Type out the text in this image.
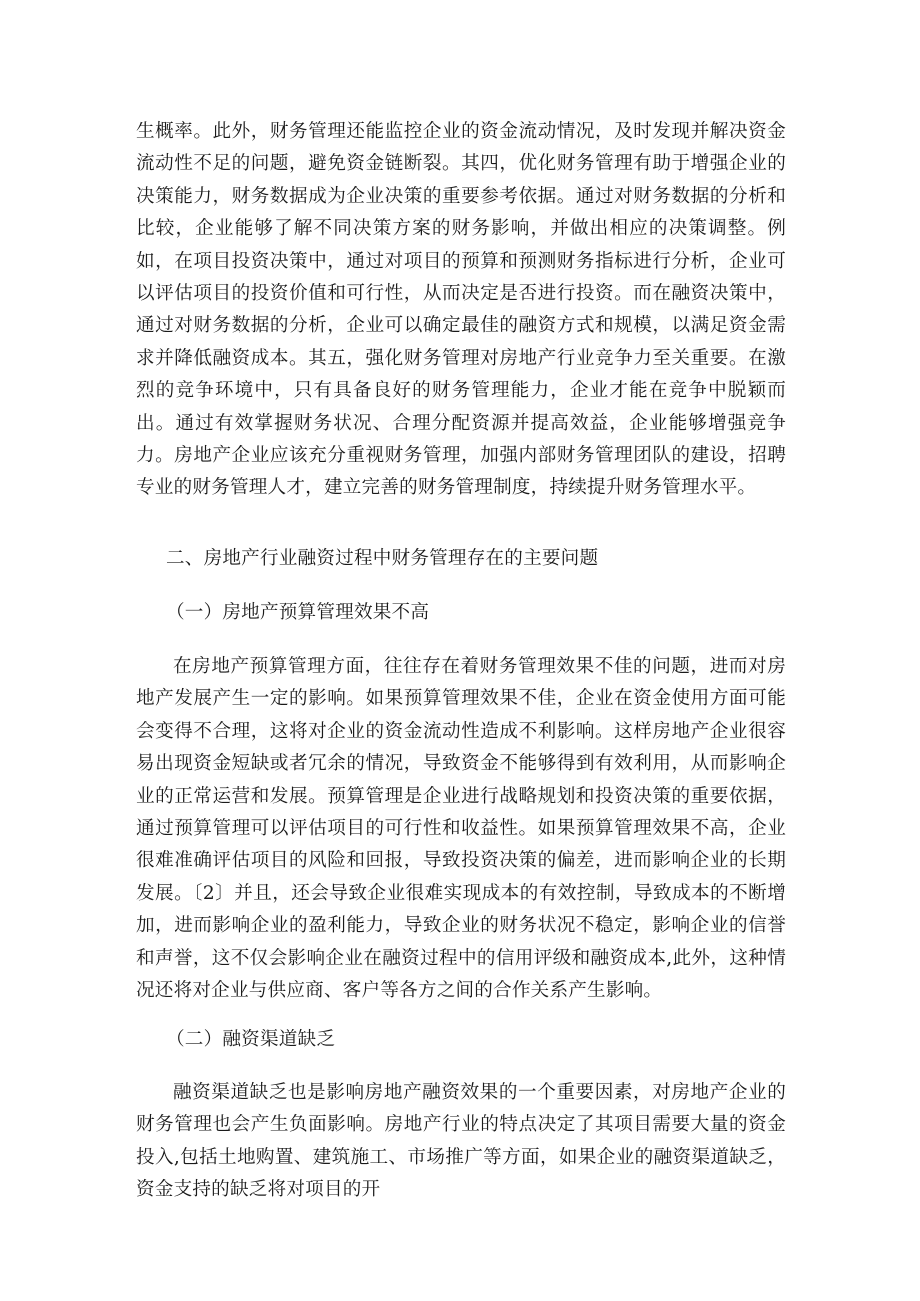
生概率。此外，财务管理还能监控企业的资金流动情况，及时发现并解决资金流动性不足的问题，避免资金链断裂。其四，优化财务管理有助于增强企业的决策能力，财务数据成为企业决策的重要参考依据。通过对财务数据的分析和比较，企业能够了解不同决策方案的财务影响，并做出相应的决策调整。例如，在项目投资决策中，通过对项目的预算和预测财务指标进行分析，企业可以评估项目的投资价值和可行性，从而决定是否进行投资。而在融资决策中，通过对财务数据的分析，企业可以确定最佳的融资方式和规模，以满足资金需求并降低融资成本。其五，强化财务管理对房地产行业竞争力至关重要。在激烈的竞争环境中，只有具备良好的财务管理能力，企业才能在竞争中脱颖而出。通过有效掌握财务状况、合理分配资源并提高效益，企业能够增强竞争力。房地产企业应该充分重视财务管理，加强内部财务管理团队的建设，招聘专业的财务管理人才，建立完善的财务管理制度，持续提升财务管理水平。

二、房地产行业融资过程中财务管理存在的主要问题

（一）房地产预算管理效果不高

在房地产预算管理方面，往往存在着财务管理效果不佳的问题，进而对房地产发展产生一定的影响。如果预算管理效果不佳，企业在资金使用方面可能会变得不合理，这将对企业的资金流动性造成不利影响。这样房地产企业很容易出现资金短缺或者冗余的情况，导致资金不能够得到有效利用，从而影响企业的正常运营和发展。预算管理是企业进行战略规划和投资决策的重要依据，通过预算管理可以评估项目的可行性和收益性。如果预算管理效果不高，企业很难准确评估项目的风险和回报，导致投资决策的偏差，进而影响企业的长期发展。〔2〕并且，还会导致企业很难实现成本的有效控制，导致成本的不断增加，进而影响企业的盈利能力，导致企业的财务状况不稳定，影响企业的信誉和声誉，这不仅会影响企业在融资过程中的信用评级和融资成本,此外，这种情况还将对企业与供应商、客户等各方之间的合作关系产生影响。

（二）融资渠道缺乏

融资渠道缺乏也是影响房地产融资效果的一个重要因素，对房地产企业的财务管理也会产生负面影响。房地产行业的特点决定了其项目需要大量的资金投入,包括土地购置、建筑施工、市场推广等方面，如果企业的融资渠道缺乏，资金支持的缺乏将对项目的开
